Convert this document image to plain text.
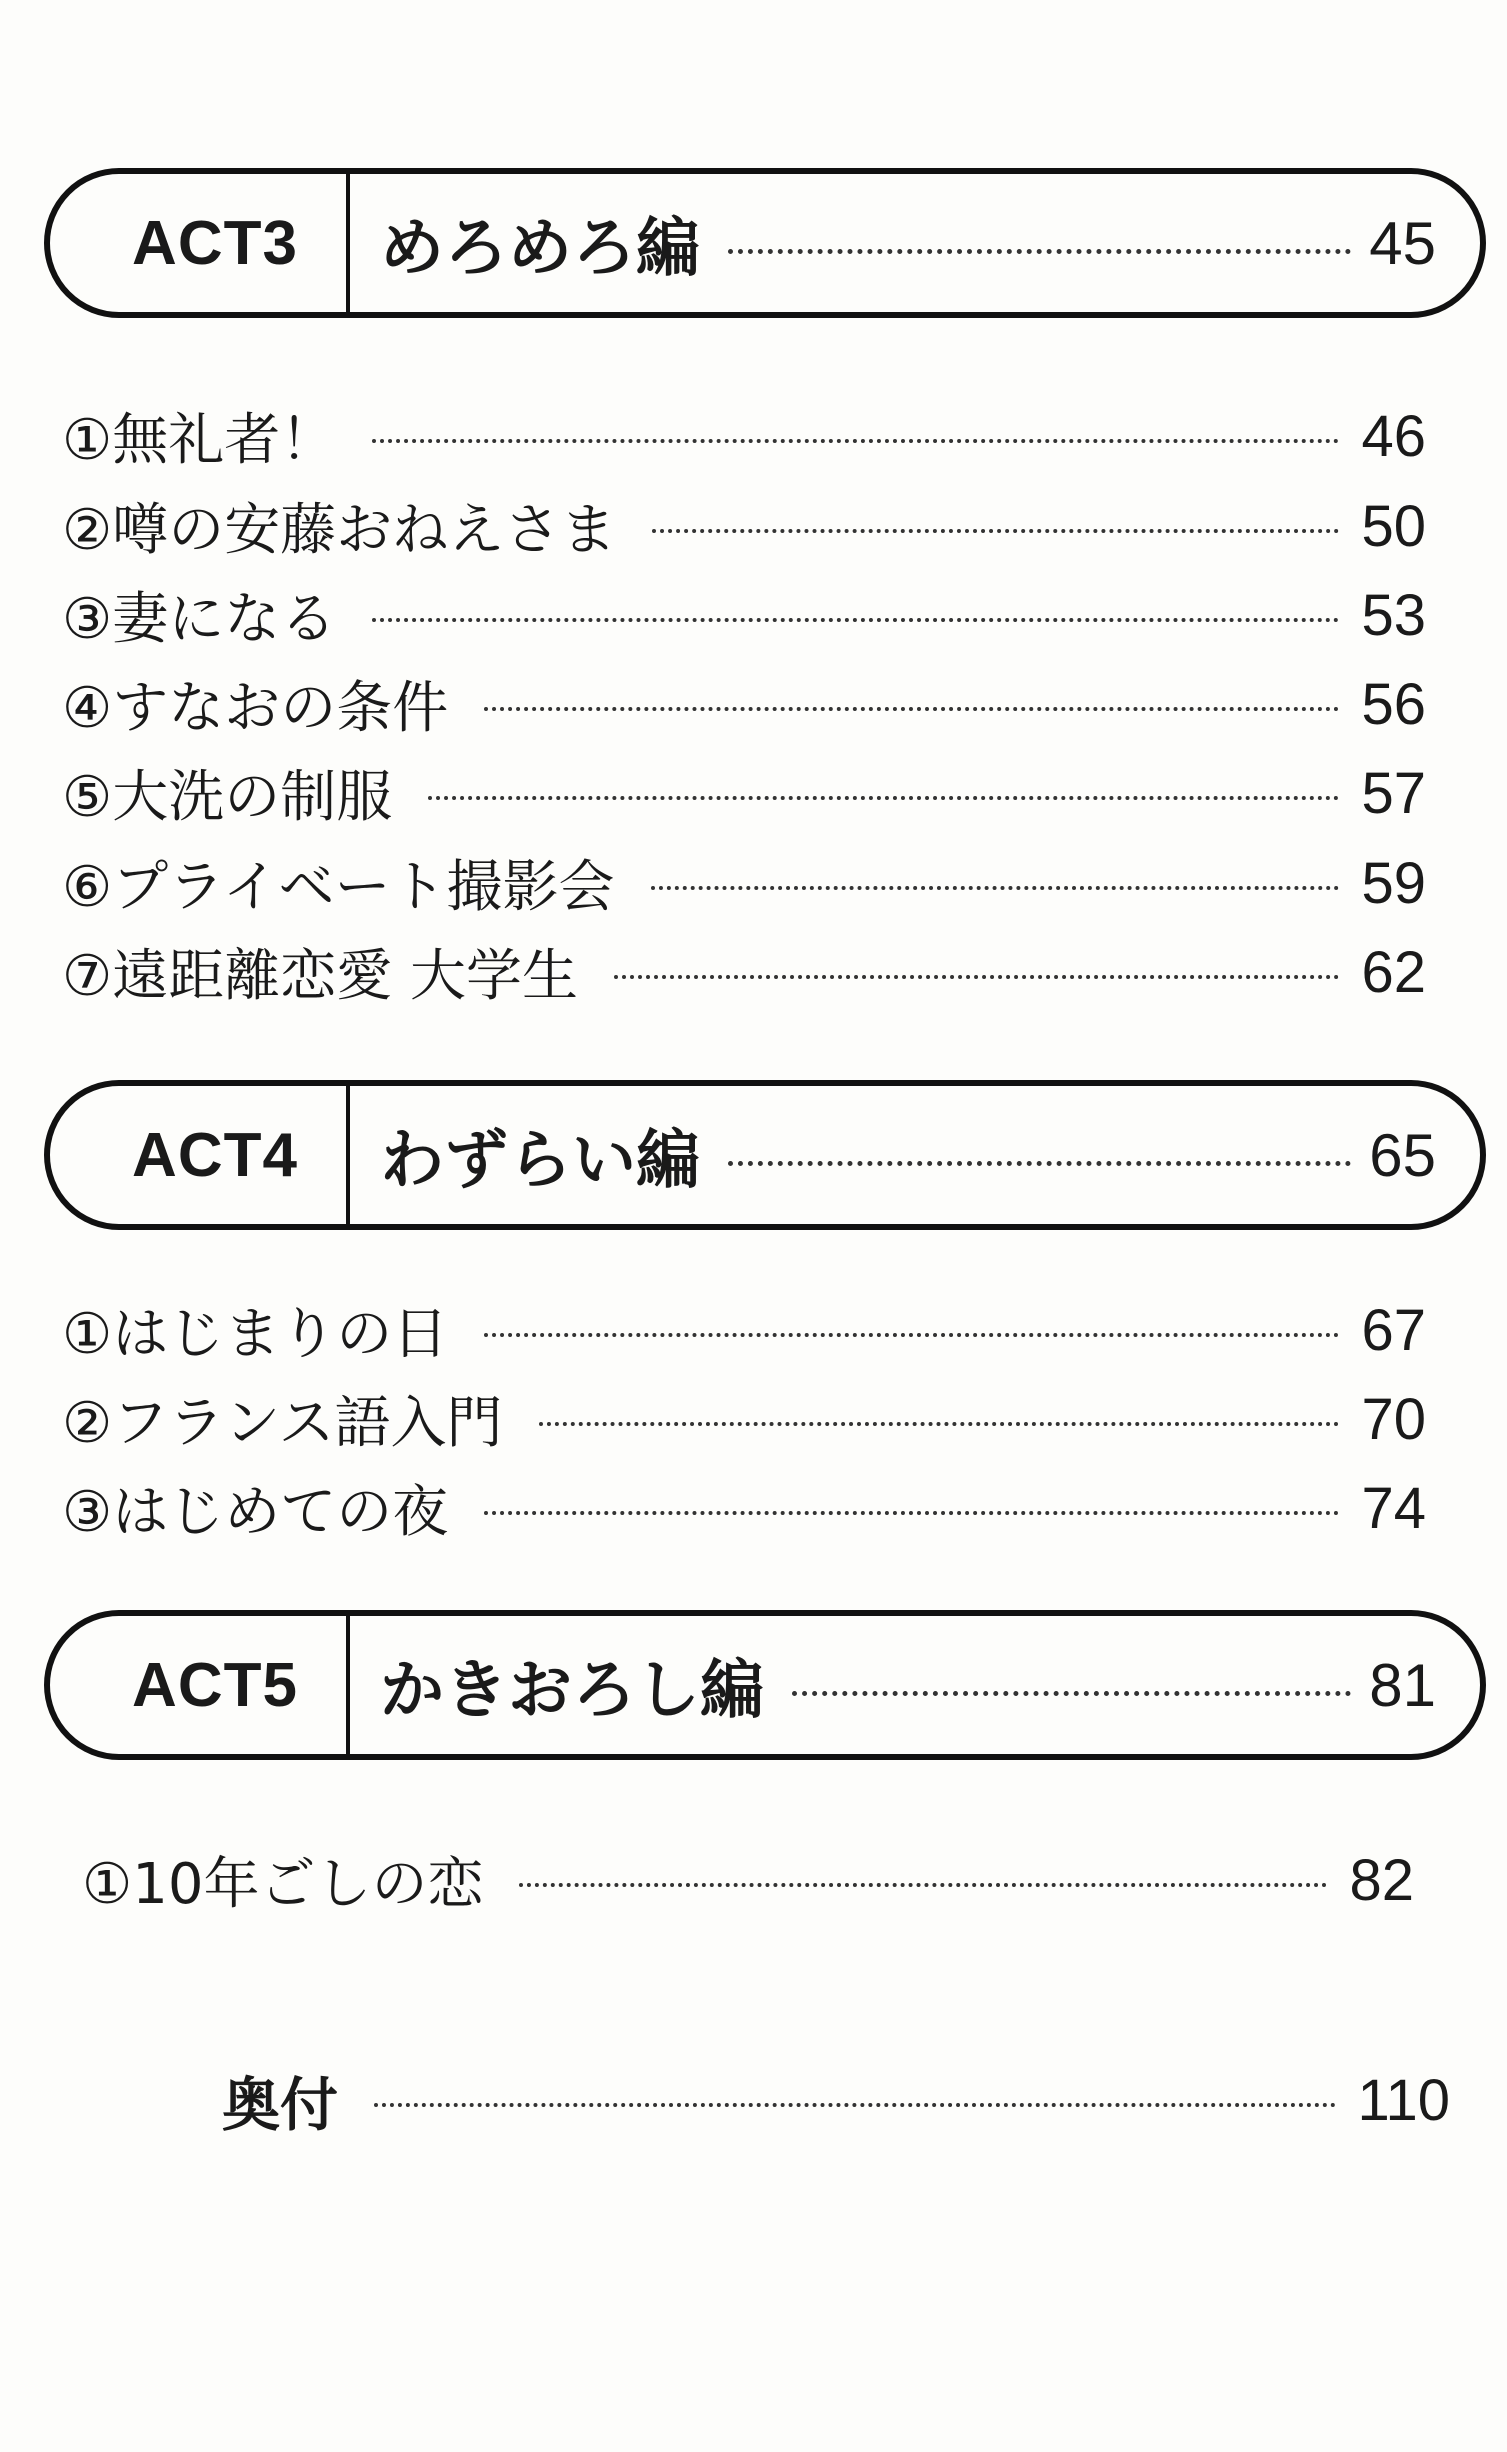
ACT3	めろめろ編	45
①無礼者！	46
②噂の安藤おねえさま	50
③妻になる	53
④すなおの条件	56
⑤大洗の制服	57
⑥プライベート撮影会	59
⑦遠距離恋愛 大学生	62
ACT4	わずらい編	65
①はじまりの日	67
②フランス語入門	70
③はじめての夜	74
ACT5	かきおろし編	81
①10年ごしの恋	82
奥付	110
